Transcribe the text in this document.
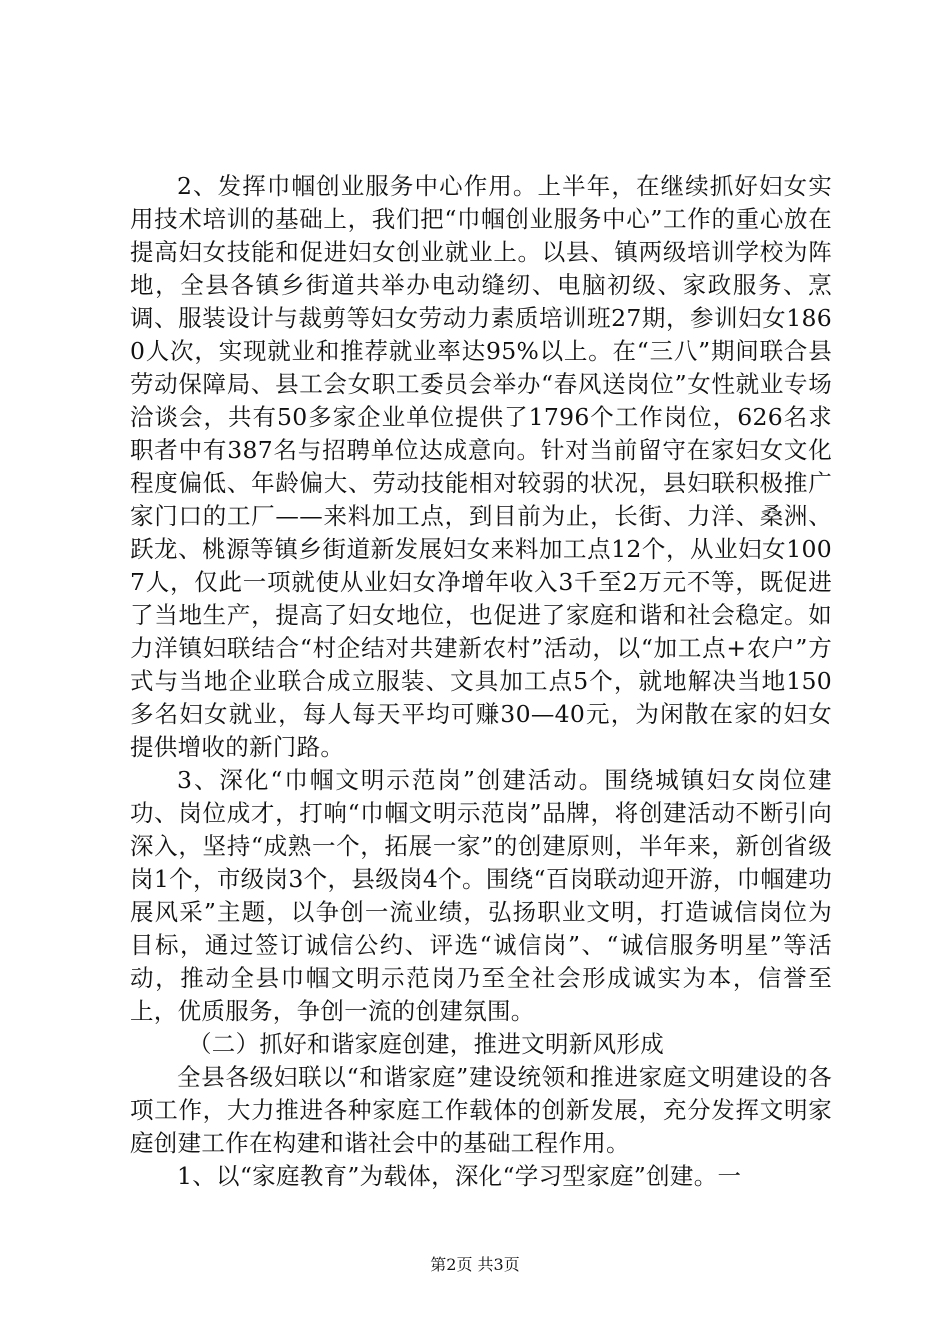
2、发挥巾帼创业服务中心作用。上半年，在继续抓好妇女实用技术培训的基础上，我们把“巾帼创业服务中心”工作的重心放在提高妇女技能和促进妇女创业就业上。以县、镇两级培训学校为阵地，全县各镇乡街道共举办电动缝纫、电脑初级、家政服务、烹调、服装设计与裁剪等妇女劳动力素质培训班27期，参训妇女1860人次，实现就业和推荐就业率达95%以上。在“三八”期间联合县劳动保障局、县工会女职工委员会举办“春风送岗位”女性就业专场洽谈会，共有50多家企业单位提供了1796个工作岗位，626名求职者中有387名与招聘单位达成意向。针对当前留守在家妇女文化程度偏低、年龄偏大、劳动技能相对较弱的状况，县妇联积极推广家门口的工厂——来料加工点，到目前为止，长街、力洋、桑洲、跃龙、桃源等镇乡街道新发展妇女来料加工点12个，从业妇女1007人，仅此一项就使从业妇女净增年收入3千至2万元不等，既促进了当地生产，提高了妇女地位，也促进了家庭和谐和社会稳定。如力洋镇妇联结合“村企结对共建新农村”活动，以“加工点+农户”方式与当地企业联合成立服装、文具加工点5个，就地解决当地150多名妇女就业，每人每天平均可赚30—40元，为闲散在家的妇女提供增收的新门路。

3、深化“巾帼文明示范岗”创建活动。围绕城镇妇女岗位建功、岗位成才，打响“巾帼文明示范岗”品牌，将创建活动不断引向深入，坚持“成熟一个，拓展一家”的创建原则，半年来，新创省级岗1个，市级岗3个，县级岗4个。围绕“百岗联动迎开游，巾帼建功展风采”主题，以争创一流业绩，弘扬职业文明，打造诚信岗位为目标，通过签订诚信公约、评选“诚信岗”、“诚信服务明星”等活动，推动全县巾帼文明示范岗乃至全社会形成诚实为本，信誉至上，优质服务，争创一流的创建氛围。

（二）抓好和谐家庭创建，推进文明新风形成

全县各级妇联以“和谐家庭”建设统领和推进家庭文明建设的各项工作，大力推进各种家庭工作载体的创新发展，充分发挥文明家庭创建工作在构建和谐社会中的基础工程作用。

1、以“家庭教育”为载体，深化“学习型家庭”创建。一

第2页 共3页
